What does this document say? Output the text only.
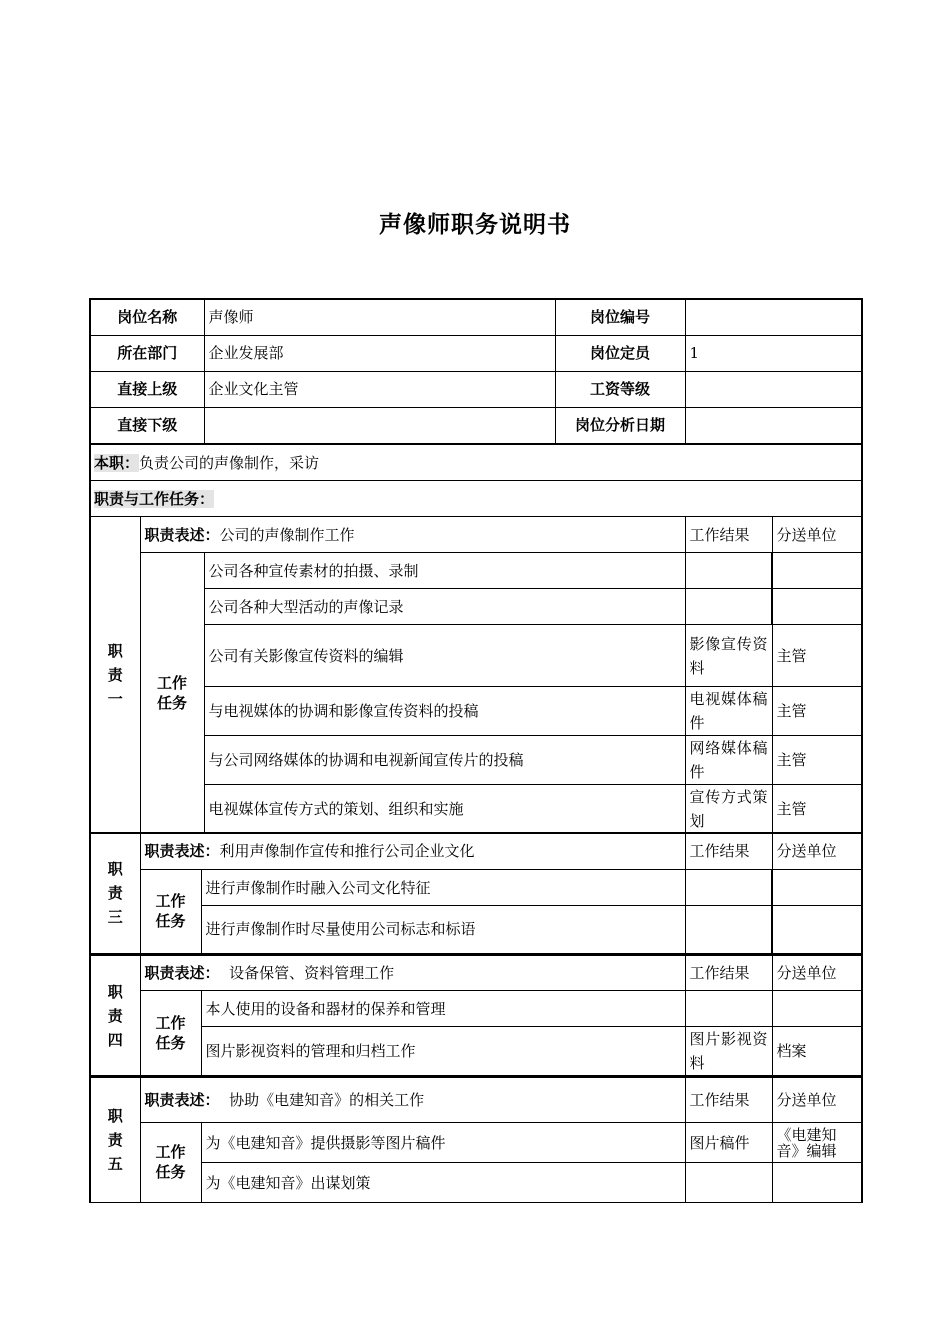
声像师职务说明书
岗位名称	声像师	岗位编号	
所在部门	企业发展部	岗位定员	1
直接上级	企业文化主管	工资等级	
直接下级		岗位分析日期	
本职：负责公司的声像制作，采访
职责与工作任务：
职责一	职责表述：公司的声像制作工作		工作结果	分送单位
	工作任务	公司各种宣传素材的拍摄、录制		
		公司各种大型活动的声像记录		
		公司有关影像宣传资料的编辑	影像宣传资料	主管
		与电视媒体的协调和影像宣传资料的投稿	电视媒体稿件	主管
		与公司网络媒体的协调和电视新闻宣传片的投稿	网络媒体稿件	主管
		电视媒体宣传方式的策划、组织和实施	宣传方式策划	主管
职责三	职责表述：利用声像制作宣传和推行公司企业文化		工作结果	分送单位
	工作任务	进行声像制作时融入公司文化特征		
		进行声像制作时尽量使用公司标志和标语		
职责四	职责表述： 设备保管、资料管理工作		工作结果	分送单位
	工作任务	本人使用的设备和器材的保养和管理		
		图片影视资料的管理和归档工作	图片影视资料	档案
职责五	职责表述： 协助《电建知音》的相关工作		工作结果	分送单位
	工作任务	为《电建知音》提供摄影等图片稿件	图片稿件	《电建知音》编辑
		为《电建知音》出谋划策		
